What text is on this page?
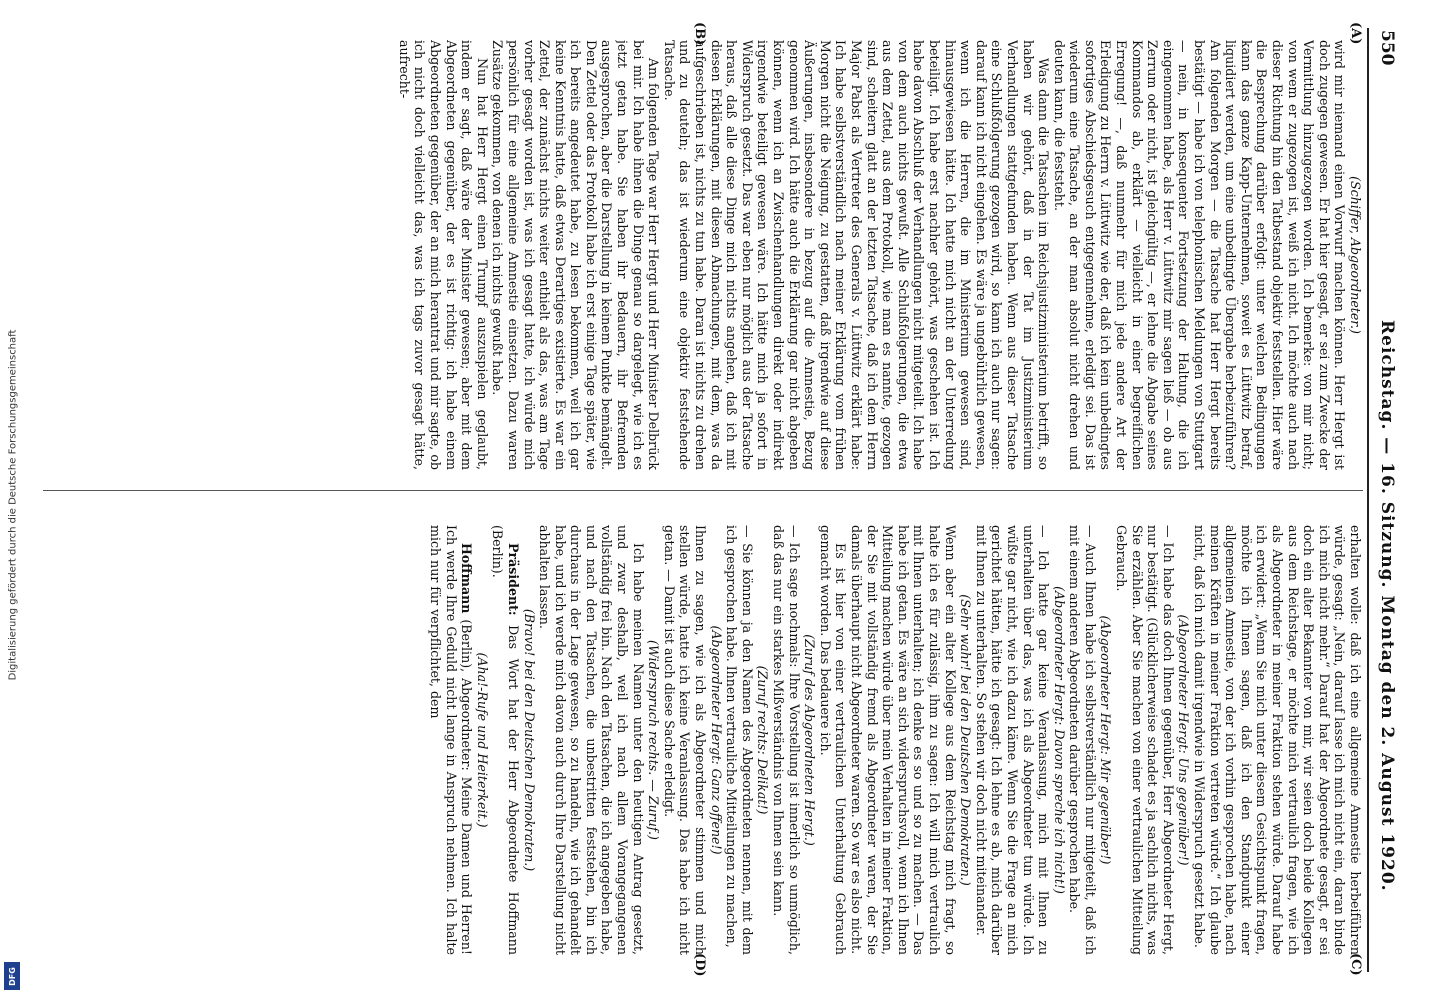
550
Reichstag. — 16. Sitzung. Montag den 2. August 1920.

(Schiffer, Abgeordneter.)

wird mir niemand einen Vorwurf machen können. Herr Hergt ist doch zugegen gewesen. Er hat hier gesagt, er sei zum Zwecke der Vermittlung hinzugezogen worden. Ich bemerke: von mir nicht; von wem er zugezogen ist, weiß ich nicht. Ich möchte auch nach dieser Richtung hin den Tatbestand objektiv feststellen. Hier wäre die Besprechung darüber erfolgt: unter welchen Bedingungen kann das ganze Kapp-Unternehmen, soweit es Lüttwitz betraf, liquidiert werden, um eine unbedingte Übergabe herbeizuführen? Am folgenden Morgen — die Tatsache hat Herr Hergt bereits bestätigt — habe ich von telephonischen Meldungen von Stuttgart — nein, in konsequenter Fortsetzung der Haltung, die ich eingenommen habe, als Herr v. Lüttwitz mir sagen ließ — ob aus Zerrum oder nicht, ist gleichgültig —, er lehne die Abgabe seines Kommandos ab, erklärt — vielleicht in einer begreiflichen Erregung! —, daß nunmehr für mich jede andere Art der Erledigung zu Herrn v. Lüttwitz wie der, daß ich kein unbedingtes sofortiges Abschiedsgesuch entgegennehme, erledigt sei. Das ist wiederum eine Tatsache, an der man absolut nicht drehen und deuten kann, die feststeht.

Was dann die Tatsachen im Reichsjustizministerium betrifft, so haben wir gehört, daß in der Tat im Justizministerium Verhandlungen stattgefunden haben. Wenn aus dieser Tatsache eine Schlußfolgerung gezogen wird, so kann ich auch nur sagen: darauf kann ich nicht eingehen. Es wäre ja ungebührlich gewesen, wenn ich die Herren, die im Ministerium gewesen sind, hinausgewiesen hätte. Ich hatte mich nicht an der Unterredung beteiligt. Ich habe erst nachher gehört, was geschehen ist. Ich habe davon Abschluß der Verhandlungen nicht mitgeteilt. Ich habe von dem auch nichts gewußt. Alle Schlußfolgerungen, die etwa aus dem Zettel, aus dem Protokoll, wie man es nannte, gezogen sind, scheitern glatt an der letzten Tatsache, daß ich dem Herrn Major Pabst als Vertreter des Generals v. Lüttwitz erklärt habe: Ich habe selbstverständlich nach meiner Erklärung vom frühen Morgen nicht die Neigung, zu gestatten, daß irgendwie auf diese Äußerungen, insbesondere in bezug auf die Amnestie, Bezug genommen wird. Ich hätte auch die Erklärung gar nicht abgeben können, wenn ich an Zwischenhandlungen direkt oder indirekt irgendwie beteiligt gewesen wäre. Ich hätte mich ja sofort in Widerspruch gesetzt. Das war eben nur möglich aus der Tatsache heraus, daß alle diese Dinge mich nichts angehen, daß ich mit diesen Erklärungen, mit diesen Abmachungen, mit dem, was da aufgeschrieben ist, nichts zu tun habe. Daran ist nichts zu drehen und zu deuteln; das ist wiederum eine objektiv feststehende Tatsache.

Am folgenden Tage war Herr Hergt und Herr Minister Delbrück bei mir. Ich habe ihnen die Dinge genau so dargelegt, wie ich es jetzt getan habe. Sie haben ihr Bedauern, ihr Befremden ausgesprochen, aber die Darstellung in keinem Punkte bemängelt. Den Zettel oder das Protokoll habe ich erst einige Tage später, wie ich bereits angedeutet habe, zu lesen bekommen, weil ich gar keine Kenntnis hatte, daß etwas Derartiges existierte. Es war ein Zettel, der zunächst nichts weiter enthielt als das, was am Tage vorher gesagt worden ist, was ich gesagt hatte, ich würde mich persönlich für eine allgemeine Amnestie einsetzen. Dazu waren Zusätze gekommen, von denen ich nichts gewußt habe.

Nun hat Herr Hergt einen Trumpf auszuspielen geglaubt, indem er sagt, daß wäre der Minister gewesen; aber mit dem Abgeordneten gegenüber, der es ist richtig: ich habe einem Abgeordneten gegenüber, der an mich herantrat und mir sagte, ob ich nicht doch vielleicht das, was ich tags zuvor gesagt hätte, aufrecht-

erhalten wolle: daß ich eine allgemeine Amnestie herbeiführen würde, gesagt: „Nein, darauf lasse ich mich nicht ein, daran binde ich mich nicht mehr.“ Darauf hat der Abgeordnete gesagt, er sei doch ein alter Bekannter von mir, wir seien doch beide Kollegen aus dem Reichstage, er möchte mich vertraulich fragen, wie ich als Abgeordneter in meiner Fraktion stehen würde. Darauf habe ich erwidert: „Wenn Sie mich unter diesem Gesichtspunkt fragen, möchte ich Ihnen sagen, daß ich den Standpunkt einer allgemeinen Amnestie, von der ich vorhin gesprochen habe, nach meinen Kräften in meiner Fraktion vertreten würde.“ Ich glaube nicht, daß ich mich damit irgendwie in Widerspruch gesetzt habe.

(Abgeordneter Hergt: Uns gegenüber!)

— Ich habe das doch Ihnen gegenüber, Herr Abgeordneter Hergt, nur bestätigt. (Glücklicherweise schadet es ja sachlich nichts, was Sie erzählen. Aber Sie machen von einer vertraulichen Mitteilung Gebrauch.

(Abgeordneter Hergt: Mir gegenüber!)

— Auch Ihnen habe ich selbstverständlich nur mitgeteilt, daß ich mit einem anderen Abgeordneten darüber gesprochen habe.

(Abgeordneter Hergt: Davon spreche ich nicht!)

— Ich hatte gar keine Veranlassung, mich mit Ihnen zu unterhalten über das, was ich als Abgeordneter tun würde. Ich wüßte gar nicht, wie ich dazu käme. Wenn Sie die Frage an mich gerichtet hätten, hätte ich gesagt: Ich lehne es ab, mich darüber mit Ihnen zu unterhalten. So stehen wir doch nicht miteinander.

(Sehr wahr! bei den Deutschen Demokraten.)

Wenn aber ein alter Kollege aus dem Reichstag mich fragt, so halte ich es für zulässig, ihm zu sagen: Ich will mich vertraulich mit Ihnen unterhalten; ich denke es so und so zu machen. — Das habe ich getan. Es wäre an sich widerspruchsvoll, wenn ich Ihnen Mitteilung machen würde über mein Verhalten in meiner Fraktion, der Sie mit vollständig fremd als Abgeordneter waren, der Sie damals überhaupt nicht Abgeordneter waren. So war es also nicht.

Es ist hier von einer vertraulichen Unterhaltung Gebrauch gemacht worden. Das bedauere ich.

(Zuruf des Abgeordneten Hergt.)

— Ich sage nochmals: Ihre Vorstellung ist innerlich so unmöglich, daß das nur ein starkes Mißverständnis von Ihnen sein kann.

(Zuruf rechts: Delikat!)

— Sie können ja den Namen des Abgeordneten nennen, mit dem ich gesprochen habe. Ihnen vertrauliche Mitteilungen zu machen,

(Abgeordneter Hergt: Ganz offene!)

Ihnen zu sagen, wie ich als Abgeordneter stimmen und mich stellen würde, hatte ich keine Veranlassung. Das habe ich nicht getan. — Damit ist auch diese Sache erledigt.

(Widerspruch rechts. — Zuruf.)

Ich habe meinen Namen unter den heutigen Antrag gesetzt, und zwar deshalb, weil ich nach allem Vorangegangenen vollständig frei bin. Nach den Tatsachen, die ich angegeben habe, und nach den Tatsachen, die unbestritten feststehen, bin ich durchaus in der Lage gewesen, so zu handeln, wie ich gehandelt habe, und ich werde mich davon auch durch Ihre Darstellung nicht abhalten lassen.

(Bravo! bei den Deutschen Demokraten.)

Präsident: Das Wort hat der Herr Abgeordnete Hoffmann (Berlin).

(Aha!-Rufe und Heiterkeit.)

Hoffmann (Berlin), Abgeordneter: Meine Damen und Herren! Ich werde Ihre Geduld nicht lange in Anspruch nehmen. Ich halte mich nur für verpflichtet, dem

(A)
(B)
(C)
(D)
Digitalisierung gefördert durch die Deutsche Forschungsgemeinschaft
DFG
